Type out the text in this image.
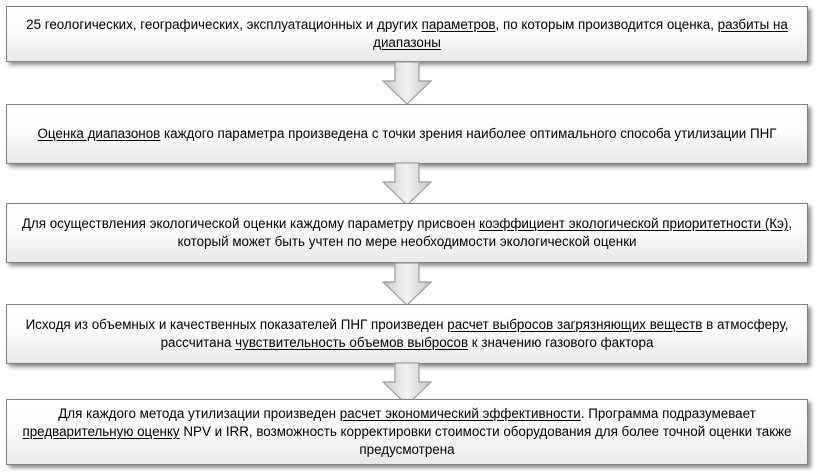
25 геологических, географических, эксплуатационных и других параметров, по которым производится оценка, разбиты на диапазоны

Оценка диапазонов каждого параметра произведена с точки зрения наиболее оптимального способа утилизации ПНГ

Для осуществления экологической оценки каждому параметру присвоен коэффициент экологической приоритетности (Кэ), который может быть учтен по мере необходимости экологической оценки

Исходя из объемных и качественных показателей ПНГ произведен расчет выбросов загрязняющих веществ в атмосферу, рассчитана чувствительность объемов выбросов к значению газового фактора

Для каждого метода утилизации произведен расчет экономический эффективности. Программа подразумевает предварительную оценку NPV и IRR, возможность корректировки стоимости оборудования для более точной оценки также предусмотрена
